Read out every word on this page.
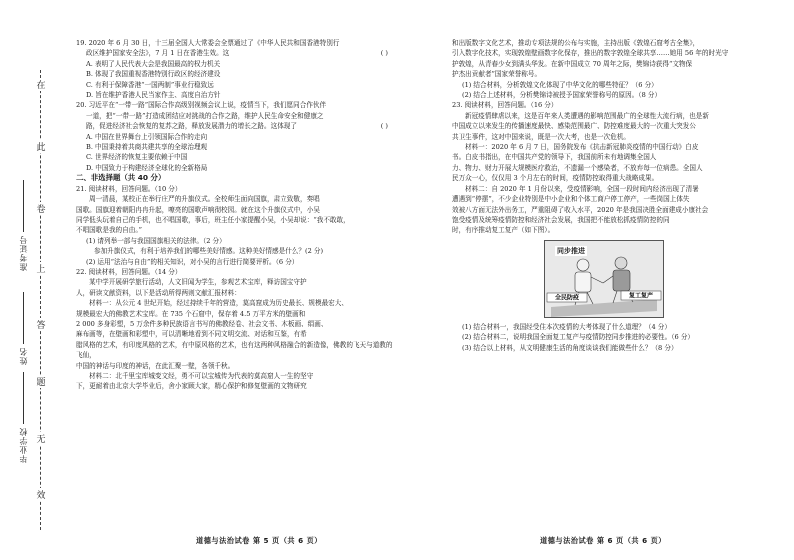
在
此
卷
上
答
题
无
效
准考证号
姓名
毕业学校

19. 2020 年 6 月 30 日，十三届全国人大常委会全票通过了《中华人民共和国香港特别行

政区维护国家安全法》，7 月 1 日在香港生效。这	( )

A. 表明了人民代表大会是我国最高的权力机关

B. 体现了我国重视香港特别行政区的经济建设

C. 有利于保障香港“一国两制”事业行稳致远

D. 旨在维护香港人民当家作主、高度自治方针

20. 习近平在“一带一路”国际合作高级别视频会议上说，疫情当下，我们愿同合作伙伴

一道，把“一带一路”打造成团结应对挑战的合作之路，维护人民生命安全和健康之

路，促进经济社会恢复的复苏之路，释放发展潜力的增长之路。这体现了	( )

A. 中国在世界舞台上引领国际合作的走向

B. 中国秉持着共商共建共享的全球治理观

C. 世界经济的恢复主要依赖于中国

D. 中国致力于构建经济全球化的全新格局

二、非选择题（共 40 分）

21. 阅读材料，回答问题。（10 分）

周一清晨，某校正在举行庄严的升旗仪式。全校师生面向国旗，肃立致敬，奏唱

国歌。国旗迎着朝阳冉冉升起，嘹亮的国歌声响彻校园。就在这个升旗仪式中，小吴

同学低头玩着自己的手机，也不唱国歌，事后，班主任小家提醒小吴，小吴却说：“我不敢敢，

不唱国歌是我的自由。”

(1) 请列举一部与我国国旗相关的法律。（2 分）

参加升旗仪式，有利于培养我们的哪些美好情感。这种美好情感是什么？(2 分)

(2) 运用“法治与自由”的相关知识，对小吴的言行进行简要评析。（6 分）

22. 阅读材料，回答问题。（14 分）

某中学开展研学旅行活动，人文旧闻为学生，参观艺术宝库，释访国宝守护

人，研读文献资料，以下是活动所得两则文献汇报材料：

材料一：从公元 4 世纪开始，经过持续千年的营造，莫高窟成为历史最长、规模最宏大、

规模最宏大的佛教艺术宝库。在 735 个石窟中，保存着 4.5 万平方米的壁画和

2 000 多身彩塑，5 万余件多种民族语言书写的佛教经卷、社会文书、木板画、绢画、

麻布画等，在壁画和彩塑中，可以清晰地看到不同文明交流、对话和互鉴，有希

腊风格的艺术，有印度风格的艺术，有中原风格的艺术，也有这两种风格融合的新造像，佛教的飞天与道教的飞仙，

中国的神话与印度的神话，在此汇聚一壁，各领千秋。

材料二：北千里宝库城变文经，勇不可以宝城传为代表的莫高窟人一生的坚守

下，更耐着由北京大学毕业后，舍小家顾大家，精心保护和修复壁画的文物研究

道德与法治试卷 第 5 页（共 6 页）

和出版数字文化艺术，推动专项法规的公布与实施，主持出版《敦煌石窟考古全集》，

引入数字化技术，实现敦煌壁画数字化保存，推出的数字敦煌全球共享……她用 56 年的时光守

护敦煌，从青春少女到满头华发。在新中国成立 70 周年之际，樊锦诗获得“文物保

护杰出贡献者”国家荣誉称号。

(1) 结合材料，分析敦煌文化体现了中华文化的哪些特征？（6 分）

(2) 结合上述材料，分析樊锦诗被授予国家荣誉称号的原因。（8 分）

23. 阅读材料，回答问题。（16 分）

新冠疫情肆虐以来，这是百年来人类遭遇的影响范围最广的全球性大流行病，也是新

中国成立以来发生的传播速度最快、感染范围最广、防控难度最大的一次重大突发公

共卫生事件，这对中国来说，既是一次大考，也是一次危机。

材料一：2020 年 6 月 7 日，国务院发布《抗击新冠肺炎疫情的中国行动》白皮

书。白皮书指出，在中国共产党的领导下，我国前所未有地调集全国人

力、物力、财力开展大规模医疗救治，不遗漏一个感染者，不放弃每一位病患。全国人

民万众一心，仅仅用 3 个月左右的时间，疫情防控取得重大战略成果。

材料二：自 2020 年 1 月份以来，受疫情影响，全国一段时间内经济出现了清暑

遭遇到“停摆”，不少企业特别是中小企业和个体工商户停工停产，一些岗国上体失

效被八方面无法外出务工，严重阻碍了收入水平，2020 年是我国决胜全面建成小康社会

饱受疫情及统筹疫情防控和经济社会发展，我国把不能放松抓疫情防控的同

时，有序推动复工复产（如下图）。

同步推进
全民防疫	复工复产

(1) 结合材料一，我国经受住本次疫情的大考体现了什么道理？（4 分）

(2) 结合材料二，说明我国全面复工复产与疫情防控同步推进的必要性。（6 分）

(3) 结合以上材料，从文明健康生活的角度谈谈我们能做些什么？（8 分）

道德与法治试卷 第 6 页（共 6 页）
